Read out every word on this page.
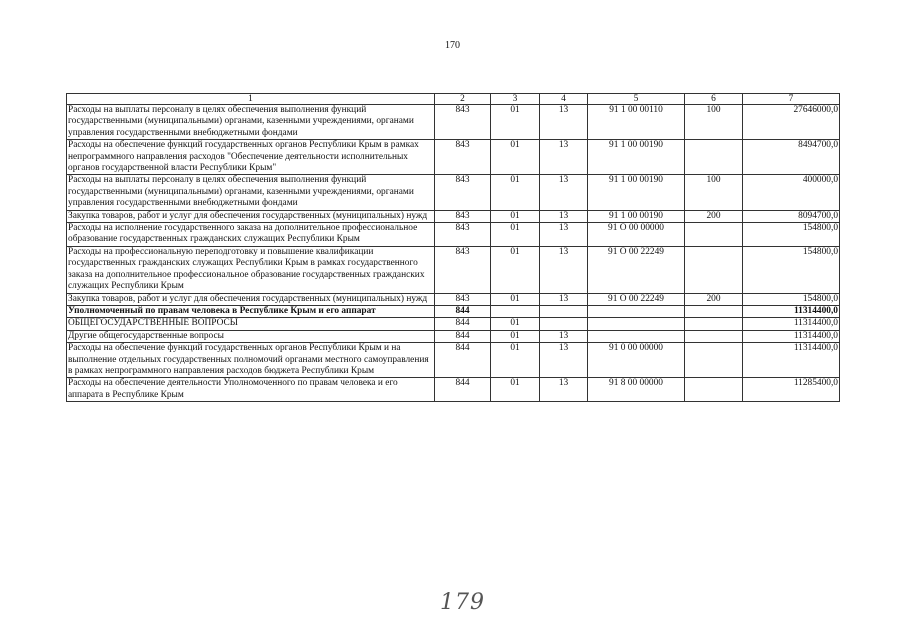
170
1	2	3	4	5	6	7
Расходы на выплаты персоналу в целях обеспечения выполнения функций государственными (муниципальными) органами, казенными учреждениями, органами управления государственными внебюджетными фондами	843	01	13	91 1 00 00110	100	27646000,0
Расходы на обеспечение функций государственных органов Республики Крым в рамках непрограммного направления расходов "Обеспечение деятельности исполнительных органов государственной власти Республики Крым"	843	01	13	91 1 00 00190		8494700,0
Расходы на выплаты персоналу в целях обеспечения выполнения функций государственными (муниципальными) органами, казенными учреждениями, органами управления государственными внебюджетными фондами	843	01	13	91 1 00 00190	100	400000,0
Закупка товаров, работ и услуг для обеспечения государственных (муниципальных) нужд	843	01	13	91 1 00 00190	200	8094700,0
Расходы на исполнение государственного заказа на дополнительное профессиональное образование государственных гражданских служащих Республики Крым	843	01	13	91 О 00 00000		154800,0
Расходы на профессиональную переподготовку и повышение квалификации государственных гражданских служащих Республики Крым в рамках государственного заказа на дополнительное профессиональное образование государственных гражданских служащих Республики Крым	843	01	13	91 О 00 22249		154800,0
Закупка товаров, работ и услуг для обеспечения государственных (муниципальных) нужд	843	01	13	91 О 00 22249	200	154800,0
Уполномоченный по правам человека в Республике Крым и его аппарат	844					11314400,0
ОБЩЕГОСУДАРСТВЕННЫЕ ВОПРОСЫ	844	01				11314400,0
Другие общегосударственные вопросы	844	01	13			11314400,0
Расходы на обеспечение функций государственных органов Республики Крым и на выполнение отдельных государственных полномочий органами местного самоуправления в рамках непрограммного направления расходов бюджета Республики Крым	844	01	13	91 0 00 00000		11314400,0
Расходы на обеспечение деятельности Уполномоченного по правам человека и его аппарата в Республике Крым	844	01	13	91 8 00 00000		11285400,0
179
